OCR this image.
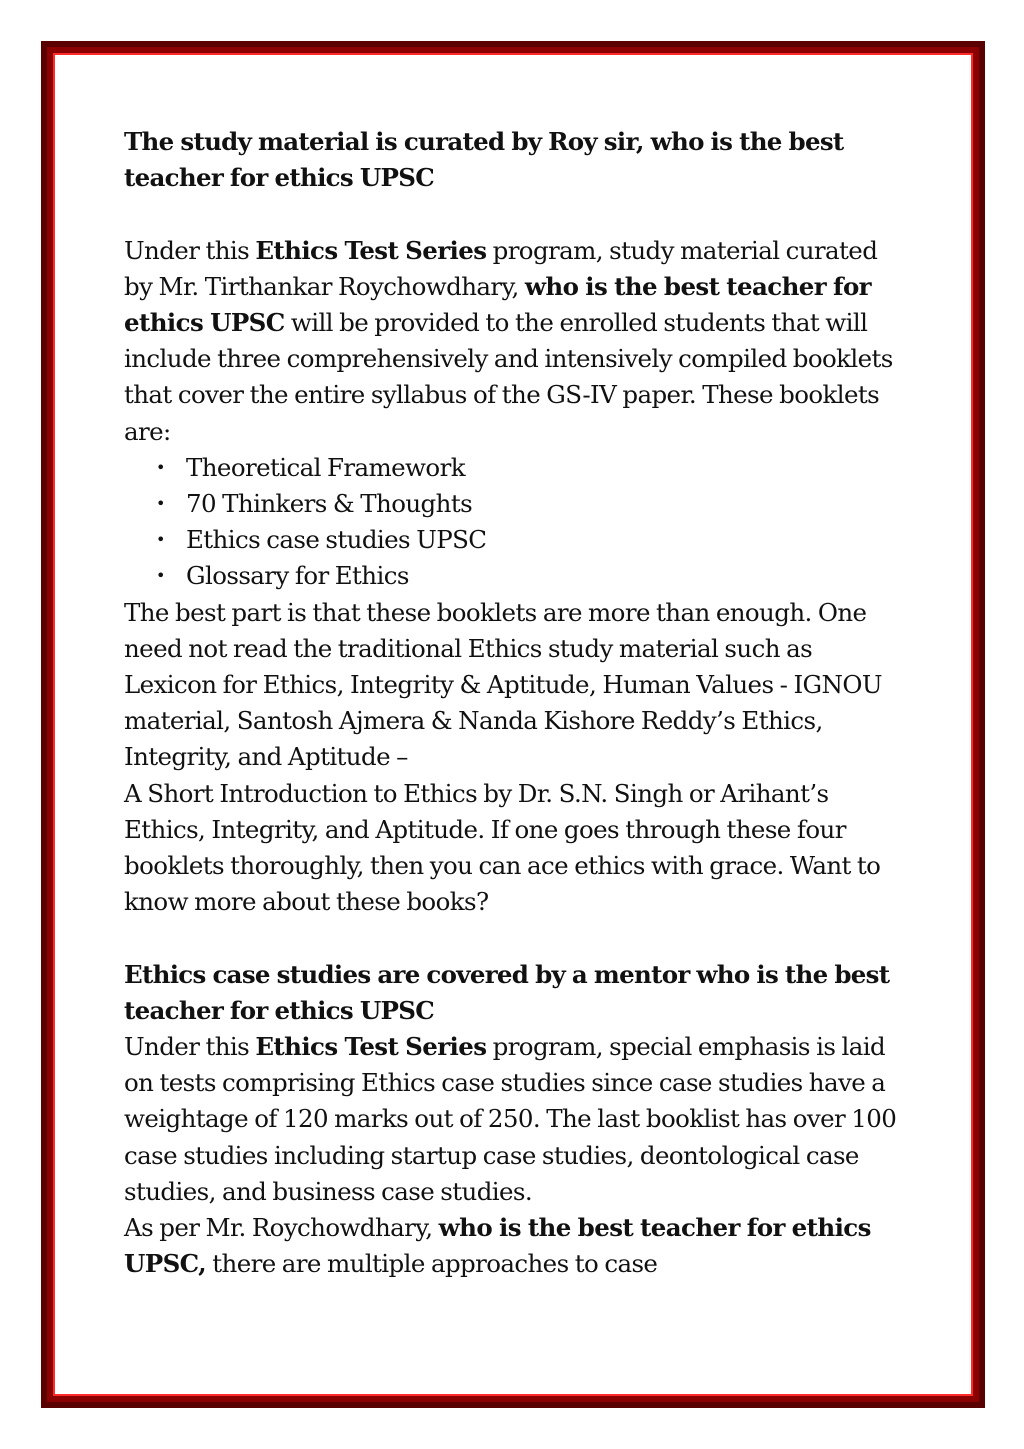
The study material is curated by Roy sir, who is the best teacher for ethics UPSC

Under this Ethics Test Series program, study material curated by Mr. Tirthankar Roychowdhary, who is the best teacher for ethics UPSC will be provided to the enrolled students that will include three comprehensively and intensively compiled booklets that cover the entire syllabus of the GS-IV paper. These booklets are:

• Theoretical Framework
• 70 Thinkers & Thoughts
• Ethics case studies UPSC
• Glossary for Ethics

The best part is that these booklets are more than enough. One need not read the traditional Ethics study material such as Lexicon for Ethics, Integrity & Aptitude, Human Values - IGNOU material, Santosh Ajmera & Nanda Kishore Reddy’s Ethics, Integrity, and Aptitude –

A Short Introduction to Ethics by Dr. S.N. Singh or Arihant’s Ethics, Integrity, and Aptitude. If one goes through these four booklets thoroughly, then you can ace ethics with grace. Want to know more about these books?

Ethics case studies are covered by a mentor who is the best teacher for ethics UPSC

Under this Ethics Test Series program, special emphasis is laid on tests comprising Ethics case studies since case studies have a weightage of 120 marks out of 250. The last booklist has over 100 case studies including startup case studies, deontological case studies, and business case studies.

As per Mr. Roychowdhary, who is the best teacher for ethics UPSC, there are multiple approaches to case
